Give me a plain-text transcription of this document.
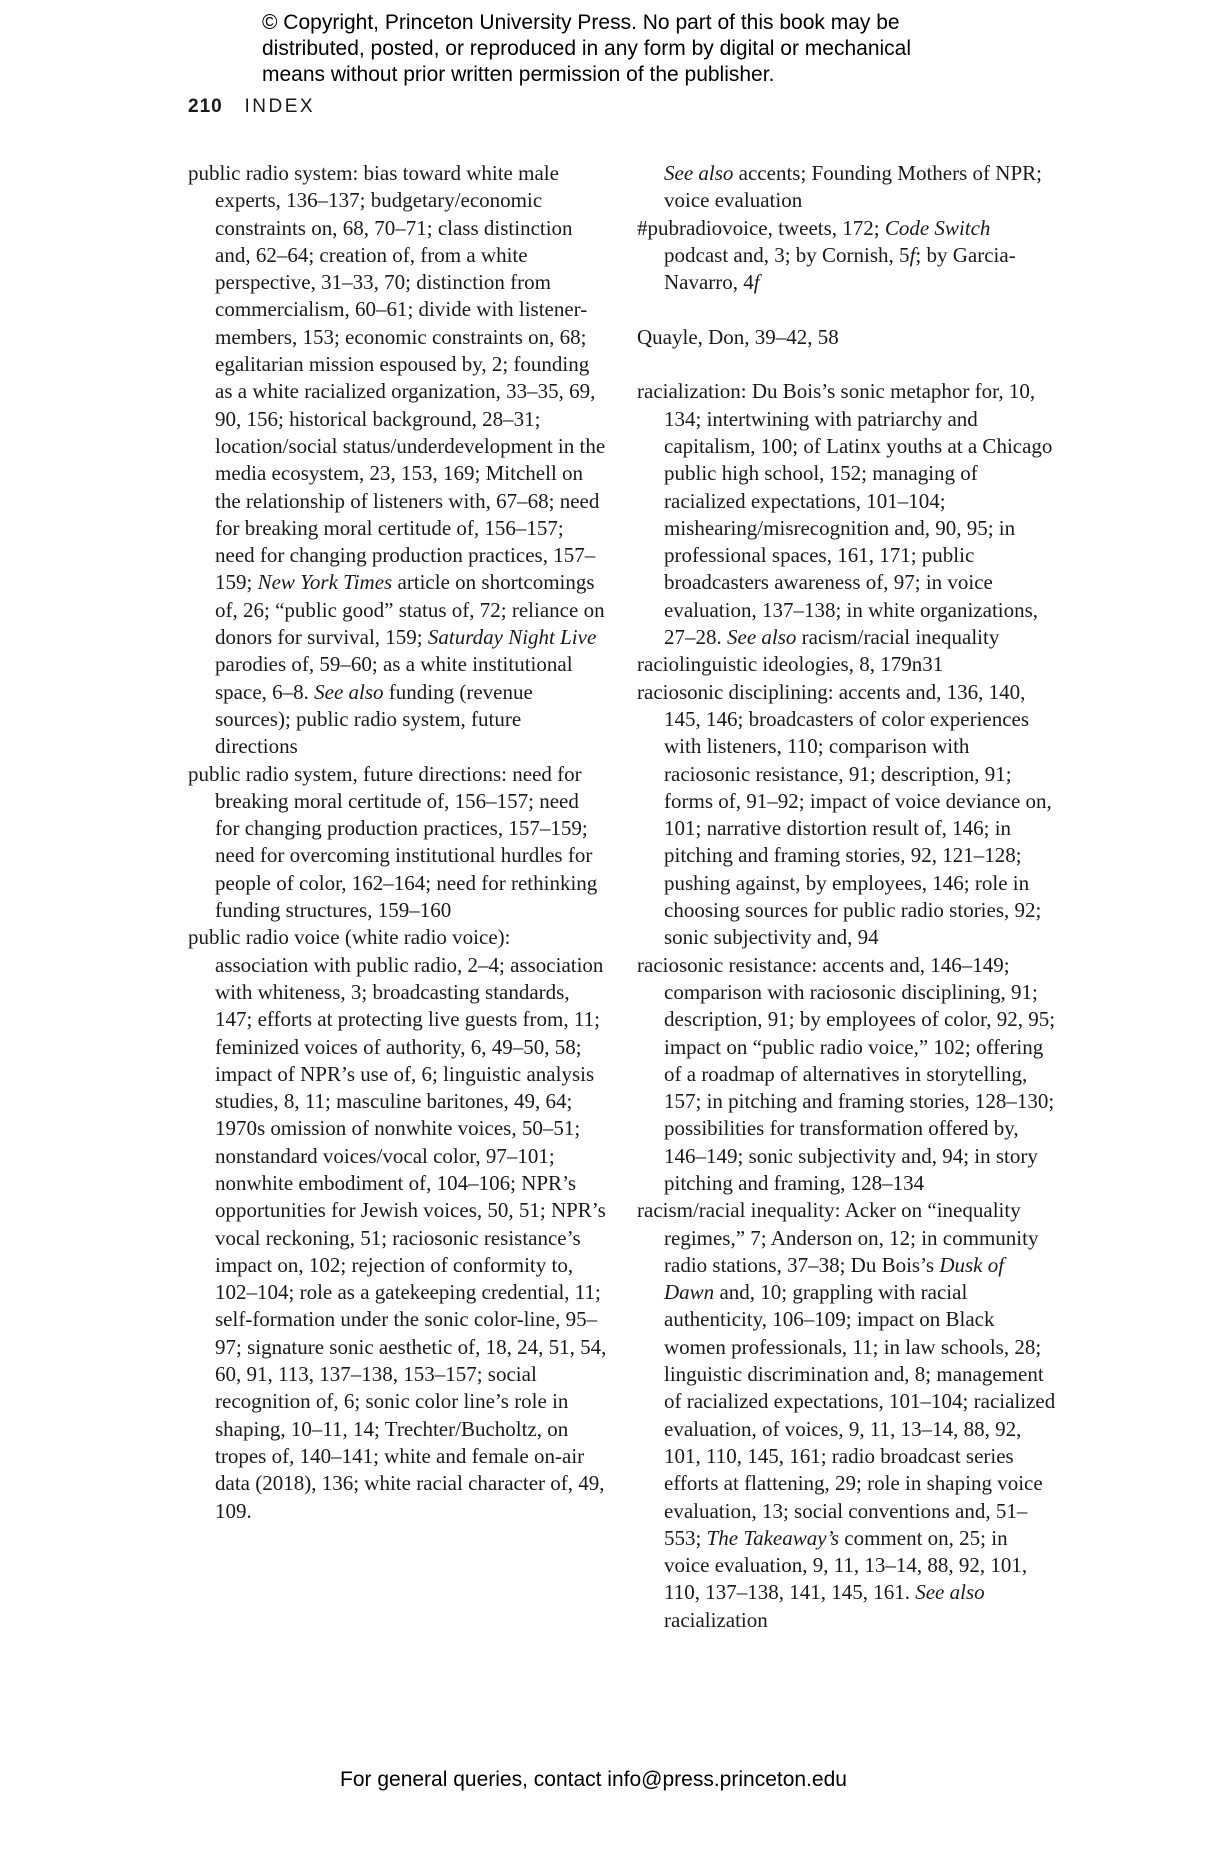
© Copyright, Princeton University Press. No part of this book may be
distributed, posted, or reproduced in any form by digital or mechanical
means without prior written permission of the publisher.
210 INDEX

public radio system: bias toward white male experts, 136–137; budgetary/economic constraints on, 68, 70–71; class distinction and, 62–64; creation of, from a white perspective, 31–33, 70; distinction from commercialism, 60–61; divide with listener-members, 153; economic constraints on, 68; egalitarian mission espoused by, 2; founding as a white racialized organization, 33–35, 69, 90, 156; historical background, 28–31; location/social status/underdevelopment in the media ecosystem, 23, 153, 169; Mitchell on the relationship of listeners with, 67–68; need for breaking moral certitude of, 156–157; need for changing production practices, 157–159; New York Times article on shortcomings of, 26; “public good” status of, 72; reliance on donors for survival, 159; Saturday Night Live parodies of, 59–60; as a white institutional space, 6–8. See also funding (revenue sources); public radio system, future directions

public radio system, future directions: need for breaking moral certitude of, 156–157; need for changing production practices, 157–159; need for overcoming institutional hurdles for people of color, 162–164; need for rethinking funding structures, 159–160

public radio voice (white radio voice): association with public radio, 2–4; association with whiteness, 3; broadcasting standards, 147; efforts at protecting live guests from, 11; feminized voices of authority, 6, 49–50, 58; impact of NPR’s use of, 6; linguistic analysis studies, 8, 11; masculine baritones, 49, 64; 1970s omission of nonwhite voices, 50–51; nonstandard voices/vocal color, 97–101; nonwhite embodiment of, 104–106; NPR’s opportunities for Jewish voices, 50, 51; NPR’s vocal reckoning, 51; raciosonic resistance’s impact on, 102; rejection of conformity to, 102–104; role as a gatekeeping credential, 11; self-formation under the sonic color-line, 95–97; signature sonic aesthetic of, 18, 24, 51, 54, 60, 91, 113, 137–138, 153–157; social recognition of, 6; sonic color line’s role in shaping, 10–11, 14; Trechter/Bucholtz, on tropes of, 140–141; white and female on-air data (2018), 136; white racial character of, 49, 109.

See also accents; Founding Mothers of NPR; voice evaluation

#pubradiovoice, tweets, 172; Code Switch podcast and, 3; by Cornish, 5f; by Garcia-Navarro, 4f

Quayle, Don, 39–42, 58

racialization: Du Bois’s sonic metaphor for, 10, 134; intertwining with patriarchy and capitalism, 100; of Latinx youths at a Chicago public high school, 152; managing of racialized expectations, 101–104; mishearing/misrecognition and, 90, 95; in professional spaces, 161, 171; public broadcasters awareness of, 97; in voice evaluation, 137–138; in white organizations, 27–28. See also racism/racial inequality

raciolinguistic ideologies, 8, 179n31

raciosonic disciplining: accents and, 136, 140, 145, 146; broadcasters of color experiences with listeners, 110; comparison with raciosonic resistance, 91; description, 91; forms of, 91–92; impact of voice deviance on, 101; narrative distortion result of, 146; in pitching and framing stories, 92, 121–128; pushing against, by employees, 146; role in choosing sources for public radio stories, 92; sonic subjectivity and, 94

raciosonic resistance: accents and, 146–149; comparison with raciosonic disciplining, 91; description, 91; by employees of color, 92, 95; impact on “public radio voice,” 102; offering of a roadmap of alternatives in storytelling, 157; in pitching and framing stories, 128–130; possibilities for transformation offered by, 146–149; sonic subjectivity and, 94; in story pitching and framing, 128–134

racism/racial inequality: Acker on “inequality regimes,” 7; Anderson on, 12; in community radio stations, 37–38; Du Bois’s Dusk of Dawn and, 10; grappling with racial authenticity, 106–109; impact on Black women professionals, 11; in law schools, 28; linguistic discrimination and, 8; management of racialized expectations, 101–104; racialized evaluation, of voices, 9, 11, 13–14, 88, 92, 101, 110, 145, 161; radio broadcast series efforts at flattening, 29; role in shaping voice evaluation, 13; social conventions and, 51–553; The Takeaway’s comment on, 25; in voice evaluation, 9, 11, 13–14, 88, 92, 101, 110, 137–138, 141, 145, 161. See also racialization

For general queries, contact info@press.princeton.edu
